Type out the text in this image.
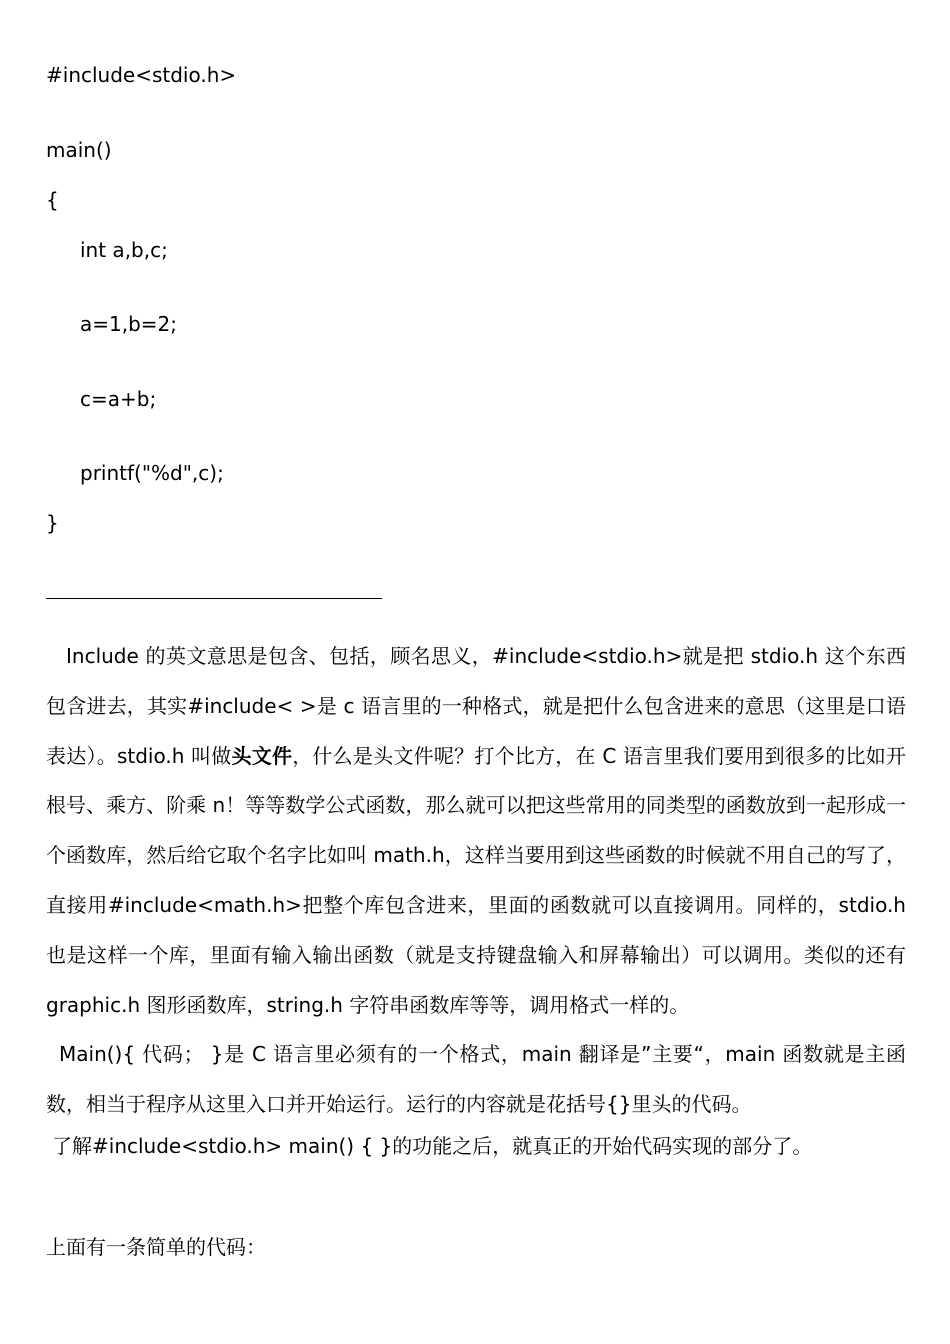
#include<stdio.h>
main()
{
int a,b,c;
a=1,b=2;
c=a+b;
printf("%d",c);
}
Include 的英文意思是包含、包括，顾名思义，#include<stdio.h>就是把 stdio.h 这个东西包含进去，其实#include< >是 c 语言里的一种格式，就是把什么包含进来的意思（这里是口语表达）。stdio.h 叫做头文件，什么是头文件呢？打个比方，在 C 语言里我们要用到很多的比如开根号、乘方、阶乘 n！等等数学公式函数，那么就可以把这些常用的同类型的函数放到一起形成一个函数库，然后给它取个名字比如叫 math.h，这样当要用到这些函数的时候就不用自己的写了，直接用#include<math.h>把整个库包含进来，里面的函数就可以直接调用。同样的，stdio.h 也是这样一个库，里面有输入输出函数（就是支持键盘输入和屏幕输出）可以调用。类似的还有 graphic.h 图形函数库，string.h 字符串函数库等等，调用格式一样的。
Main(){ 代码； }是 C 语言里必须有的一个格式，main 翻译是”主要“，main 函数就是主函数，相当于程序从这里入口并开始运行。运行的内容就是花括号{}里头的代码。
了解#include<stdio.h> main() { }的功能之后，就真正的开始代码实现的部分了。
上面有一条简单的代码：
